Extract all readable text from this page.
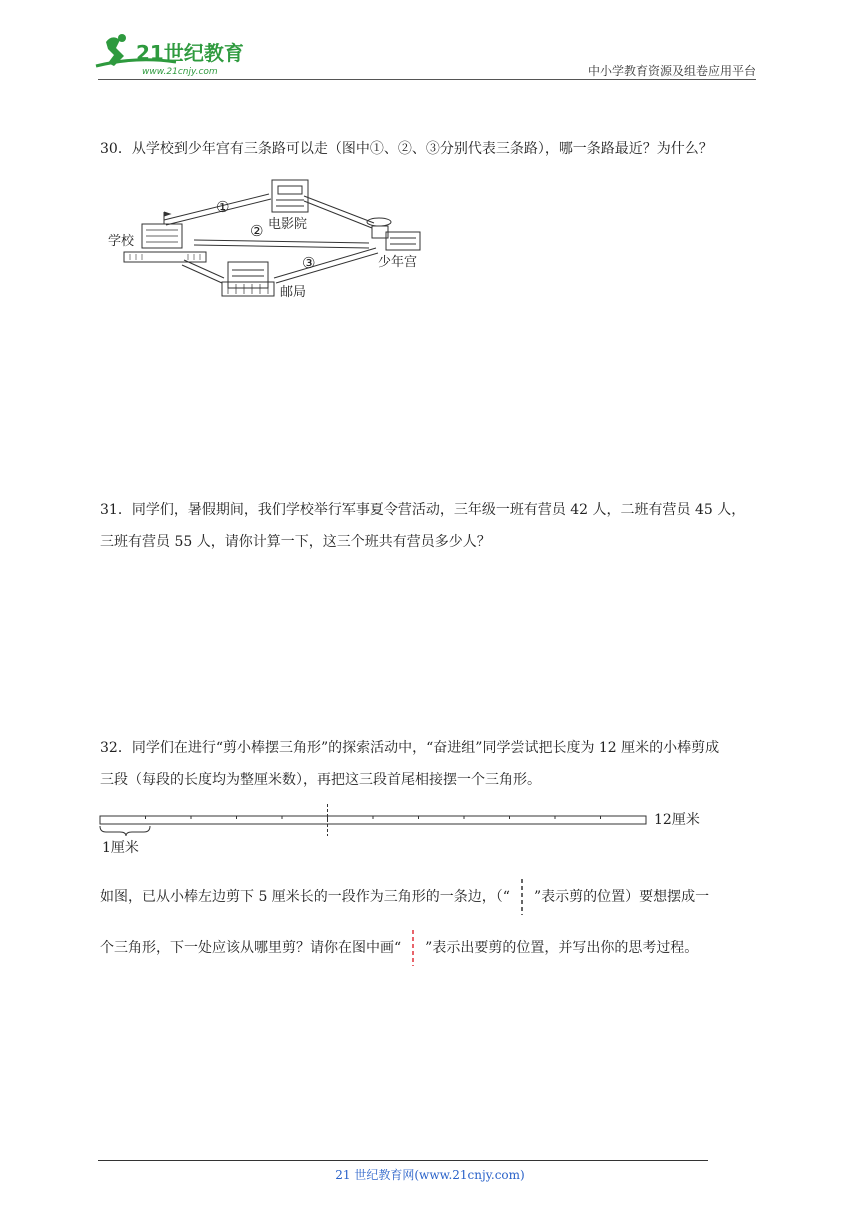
21世纪教育
www.21cnjy.com	中小学教育资源及组卷应用平台

30．从学校到少年宫有三条路可以走（图中①、②、③分别代表三条路），哪一条路最近？为什么？

学校
电影院
少年宫
邮局
①
②
③

31．同学们，暑假期间，我们学校举行军事夏令营活动，三年级一班有营员 42 人，二班有营员 45 人，

三班有营员 55 人，请你计算一下，这三个班共有营员多少人？

32．同学们在进行“剪小棒摆三角形”的探索活动中，“奋进组”同学尝试把长度为 12 厘米的小棒剪成

三段（每段的长度均为整厘米数），再把这三段首尾相接摆一个三角形。

12厘米
1厘米
如图，已从小棒左边剪下 5 厘米长的一段作为三角形的一条边，（“ ”表示剪的位置）要想摆成一
个三角形，下一处应该从哪里剪？请你在图中画“ ”表示出要剪的位置，并写出你的思考过程。
21 世纪教育网(www.21cnjy.com)
